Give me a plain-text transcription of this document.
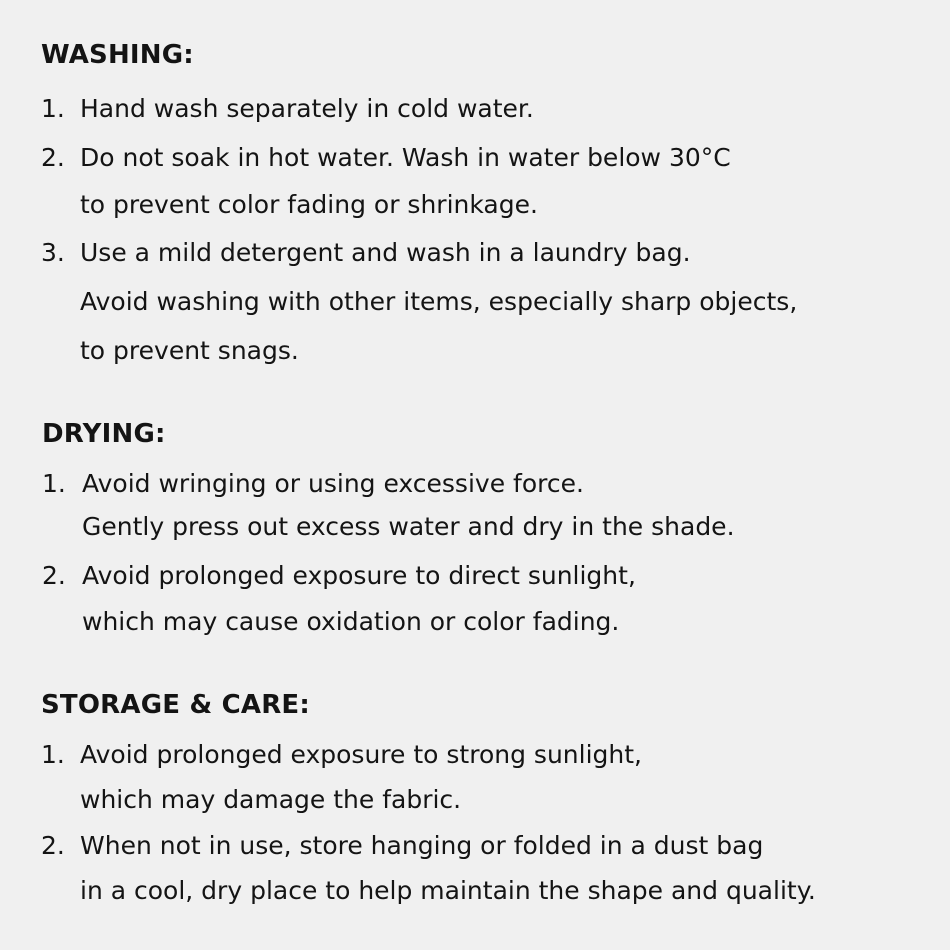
WASHING:
1. Hand wash separately in cold water.
2. Do not soak in hot water. Wash in water below 30°C
to prevent color fading or shrinkage.
3. Use a mild detergent and wash in a laundry bag.
Avoid washing with other items, especially sharp objects,
to prevent snags.
DRYING:
1. Avoid wringing or using excessive force.
Gently press out excess water and dry in the shade.
2. Avoid prolonged exposure to direct sunlight,
which may cause oxidation or color fading.
STORAGE & CARE:
1. Avoid prolonged exposure to strong sunlight,
which may damage the fabric.
2. When not in use, store hanging or folded in a dust bag
in a cool, dry place to help maintain the shape and quality.
